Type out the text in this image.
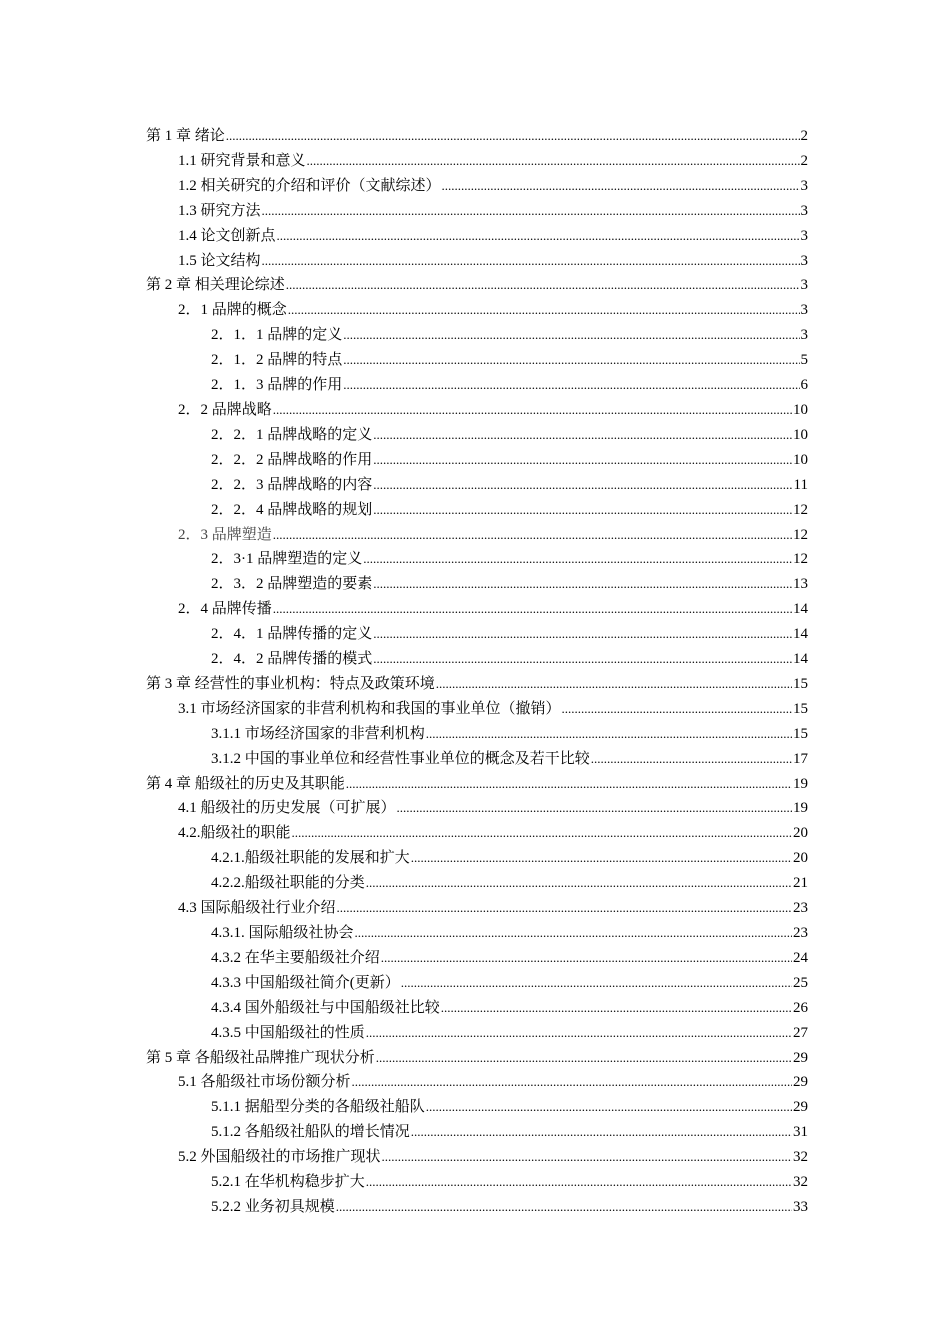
第 1 章 绪论 .....	2
1.1 研究背景和意义 .....	2
1.2 相关研究的介绍和评价（文献综述） .....	3
1.3 研究方法 .....	3
1.4 论文创新点 .....	3
1.5 论文结构 .....	3
第 2 章 相关理论综述 .....	3
2．1 品牌的概念 .....	3
2．1．1 品牌的定义 .....	3
2．1．2 品牌的特点 .....	5
2．1．3 品牌的作用 .....	6
2．2 品牌战略 .....	10
2．2．1 品牌战略的定义 .....	10
2．2．2 品牌战略的作用 .....	10
2．2．3 品牌战略的内容 .....	11
2．2．4 品牌战略的规划 .....	12
2．3 品牌塑造 .....	12
2．3·1 品牌塑造的定义 .....	12
2．3．2 品牌塑造的要素 .....	13
2．4 品牌传播 .....	14
2．4．1 品牌传播的定义 .....	14
2．4．2 品牌传播的模式 .....	14
第 3 章 经营性的事业机构：特点及政策环境 .....	15
3.1 市场经济国家的非营利机构和我国的事业单位（撤销） .....	15
3.1.1 市场经济国家的非营利机构 .....	15
3.1.2 中国的事业单位和经营性事业单位的概念及若干比较 .....	17
第 4 章 船级社的历史及其职能 .....	19
4.1 船级社的历史发展（可扩展） .....	19
4.2.船级社的职能 .....	20
4.2.1.船级社职能的发展和扩大 .....	20
4.2.2.船级社职能的分类 .....	21
4.3 国际船级社行业介绍 .....	23
4.3.1. 国际船级社协会 .....	23
4.3.2 在华主要船级社介绍 .....	24
4.3.3 中国船级社简介(更新） .....	25
4.3.4 国外船级社与中国船级社比较 .....	26
4.3.5 中国船级社的性质 .....	27
第 5 章 各船级社品牌推广现状分析 .....	29
5.1 各船级社市场份额分析 .....	29
5.1.1 据船型分类的各船级社船队 .....	29
5.1.2 各船级社船队的增长情况 .....	31
5.2 外国船级社的市场推广现状 .....	32
5.2.1 在华机构稳步扩大 .....	32
5.2.2 业务初具规模 .....	33
